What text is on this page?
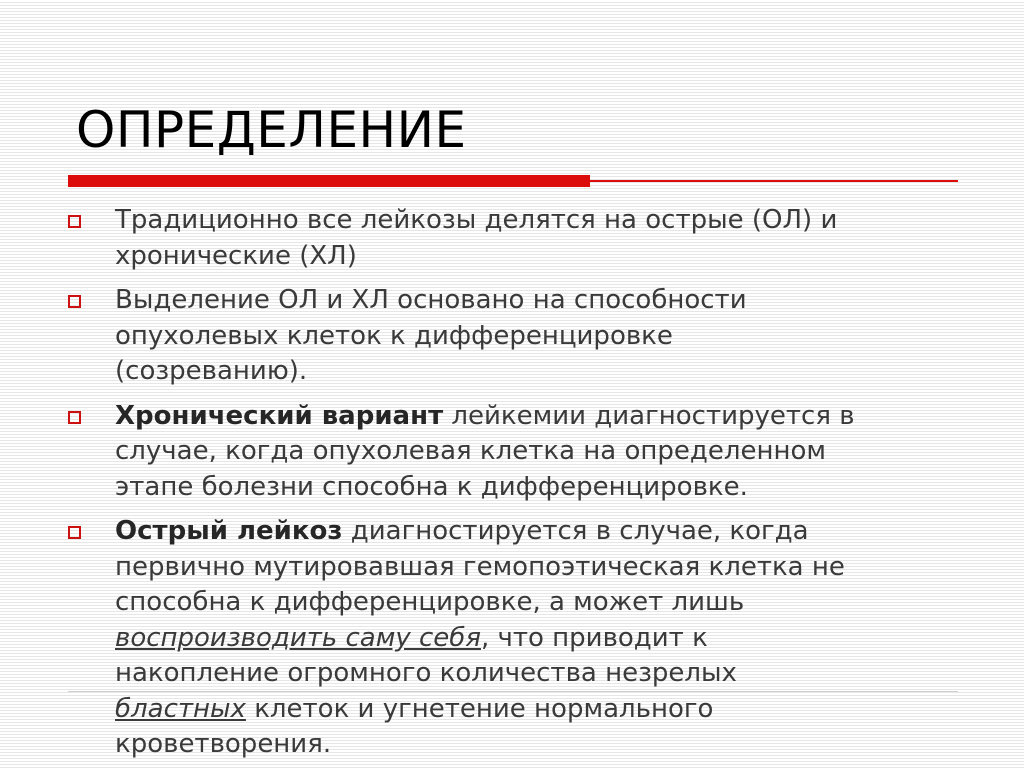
ОПРЕДЕЛЕНИЕ
Традиционно все лейкозы делятся на острые (ОЛ) и
хронические (ХЛ)
Выделение ОЛ и ХЛ основано на способности
опухолевых клеток к дифференцировке
(созреванию).
Хронический вариант лейкемии диагностируется в
случае, когда опухолевая клетка на определенном
этапе болезни способна к дифференцировке.
Острый лейкоз диагностируется в случае, когда
первично мутировавшая гемопоэтическая клетка не
способна к дифференцировке, а может лишь
воспроизводить саму себя, что приводит к
накопление огромного количества незрелых
бластных клеток и угнетение нормального
кроветворения.
